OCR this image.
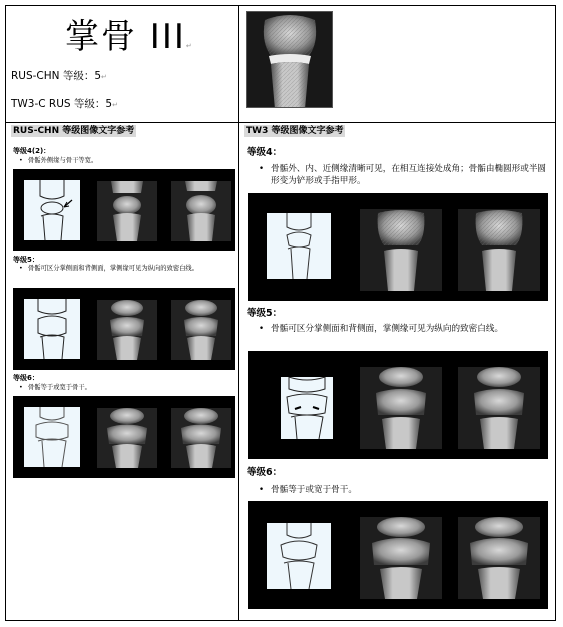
掌骨 III↵
RUS-CHN 等级：5↵
TW3-C RUS 等级：5↵
RUS-CHN 等级图像文字参考
等级4(2)：
• 骨骺外侧缘与骨干等宽。
等级5：
• 骨骺可区分掌侧面和背侧面，掌侧缘可见为纵向的致密白线。
等级6：
• 骨骺等于或宽于骨干。
TW3 等级图像文字参考
等级4：
• 骨骺外、内、近侧缘清晰可见，在相互连接处成角；骨骺由椭圆形或半圆形变为铲形或手指甲形。
等级5：
• 骨骺可区分掌侧面和背侧面，掌侧缘可见为纵向的致密白线。
等级6：
• 骨骺等于或宽于骨干。
